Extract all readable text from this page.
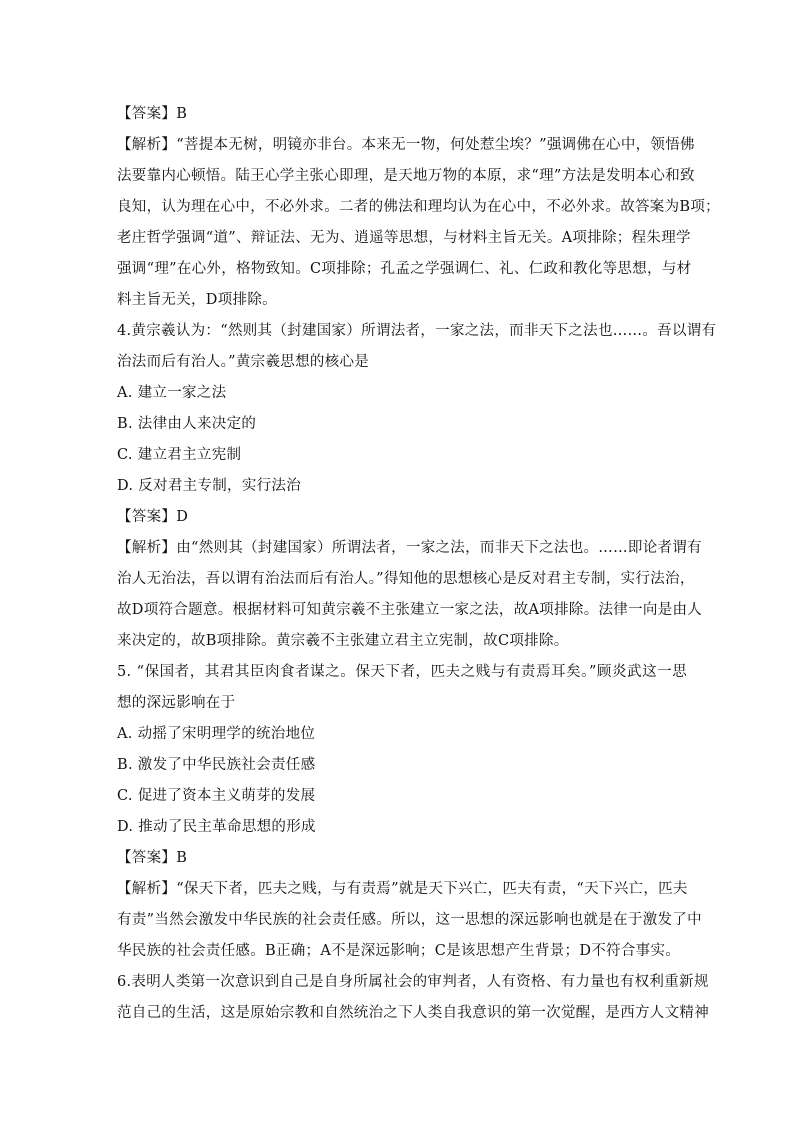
【答案】B
【解析】“菩提本无树，明镜亦非台。本来无一物，何处惹尘埃？”强调佛在心中，领悟佛
法要靠内心顿悟。陆王心学主张心即理，是天地万物的本原，求“理”方法是发明本心和致
良知，认为理在心中，不必外求。二者的佛法和理均认为在心中，不必外求。故答案为B项；
老庄哲学强调“道”、辩证法、无为、逍遥等思想，与材料主旨无关。A项排除；程朱理学
强调“理”在心外，格物致知。C项排除；孔孟之学强调仁、礼、仁政和教化等思想，与材
料主旨无关，D项排除。
4.黄宗羲认为：“然则其（封建国家）所谓法者，一家之法，而非天下之法也……。吾以谓有
治法而后有治人。”黄宗羲思想的核心是
A. 建立一家之法
B. 法律由人来决定的
C. 建立君主立宪制
D. 反对君主专制，实行法治
【答案】D
【解析】由“然则其（封建国家）所谓法者，一家之法，而非天下之法也。……即论者谓有
治人无治法，吾以谓有治法而后有治人。”得知他的思想核心是反对君主专制，实行法治，
故D项符合题意。根据材料可知黄宗羲不主张建立一家之法，故A项排除。法律一向是由人
来决定的，故B项排除。黄宗羲不主张建立君主立宪制，故C项排除。
5. “保国者，其君其臣肉食者谋之。保天下者，匹夫之贱与有责焉耳矣。”顾炎武这一思
想的深远影响在于
A. 动摇了宋明理学的统治地位
B. 激发了中华民族社会责任感
C. 促进了资本主义萌芽的发展
D. 推动了民主革命思想的形成
【答案】B
【解析】“保天下者，匹夫之贱，与有责焉”就是天下兴亡，匹夫有责，“天下兴亡，匹夫
有责”当然会激发中华民族的社会责任感。所以，这一思想的深远影响也就是在于激发了中
华民族的社会责任感。B正确；A不是深远影响；C是该思想产生背景；D不符合事实。
6.表明人类第一次意识到自己是自身所属社会的审判者，人有资格、有力量也有权利重新规
范自己的生活，这是原始宗教和自然统治之下人类自我意识的第一次觉醒，是西方人文精神
